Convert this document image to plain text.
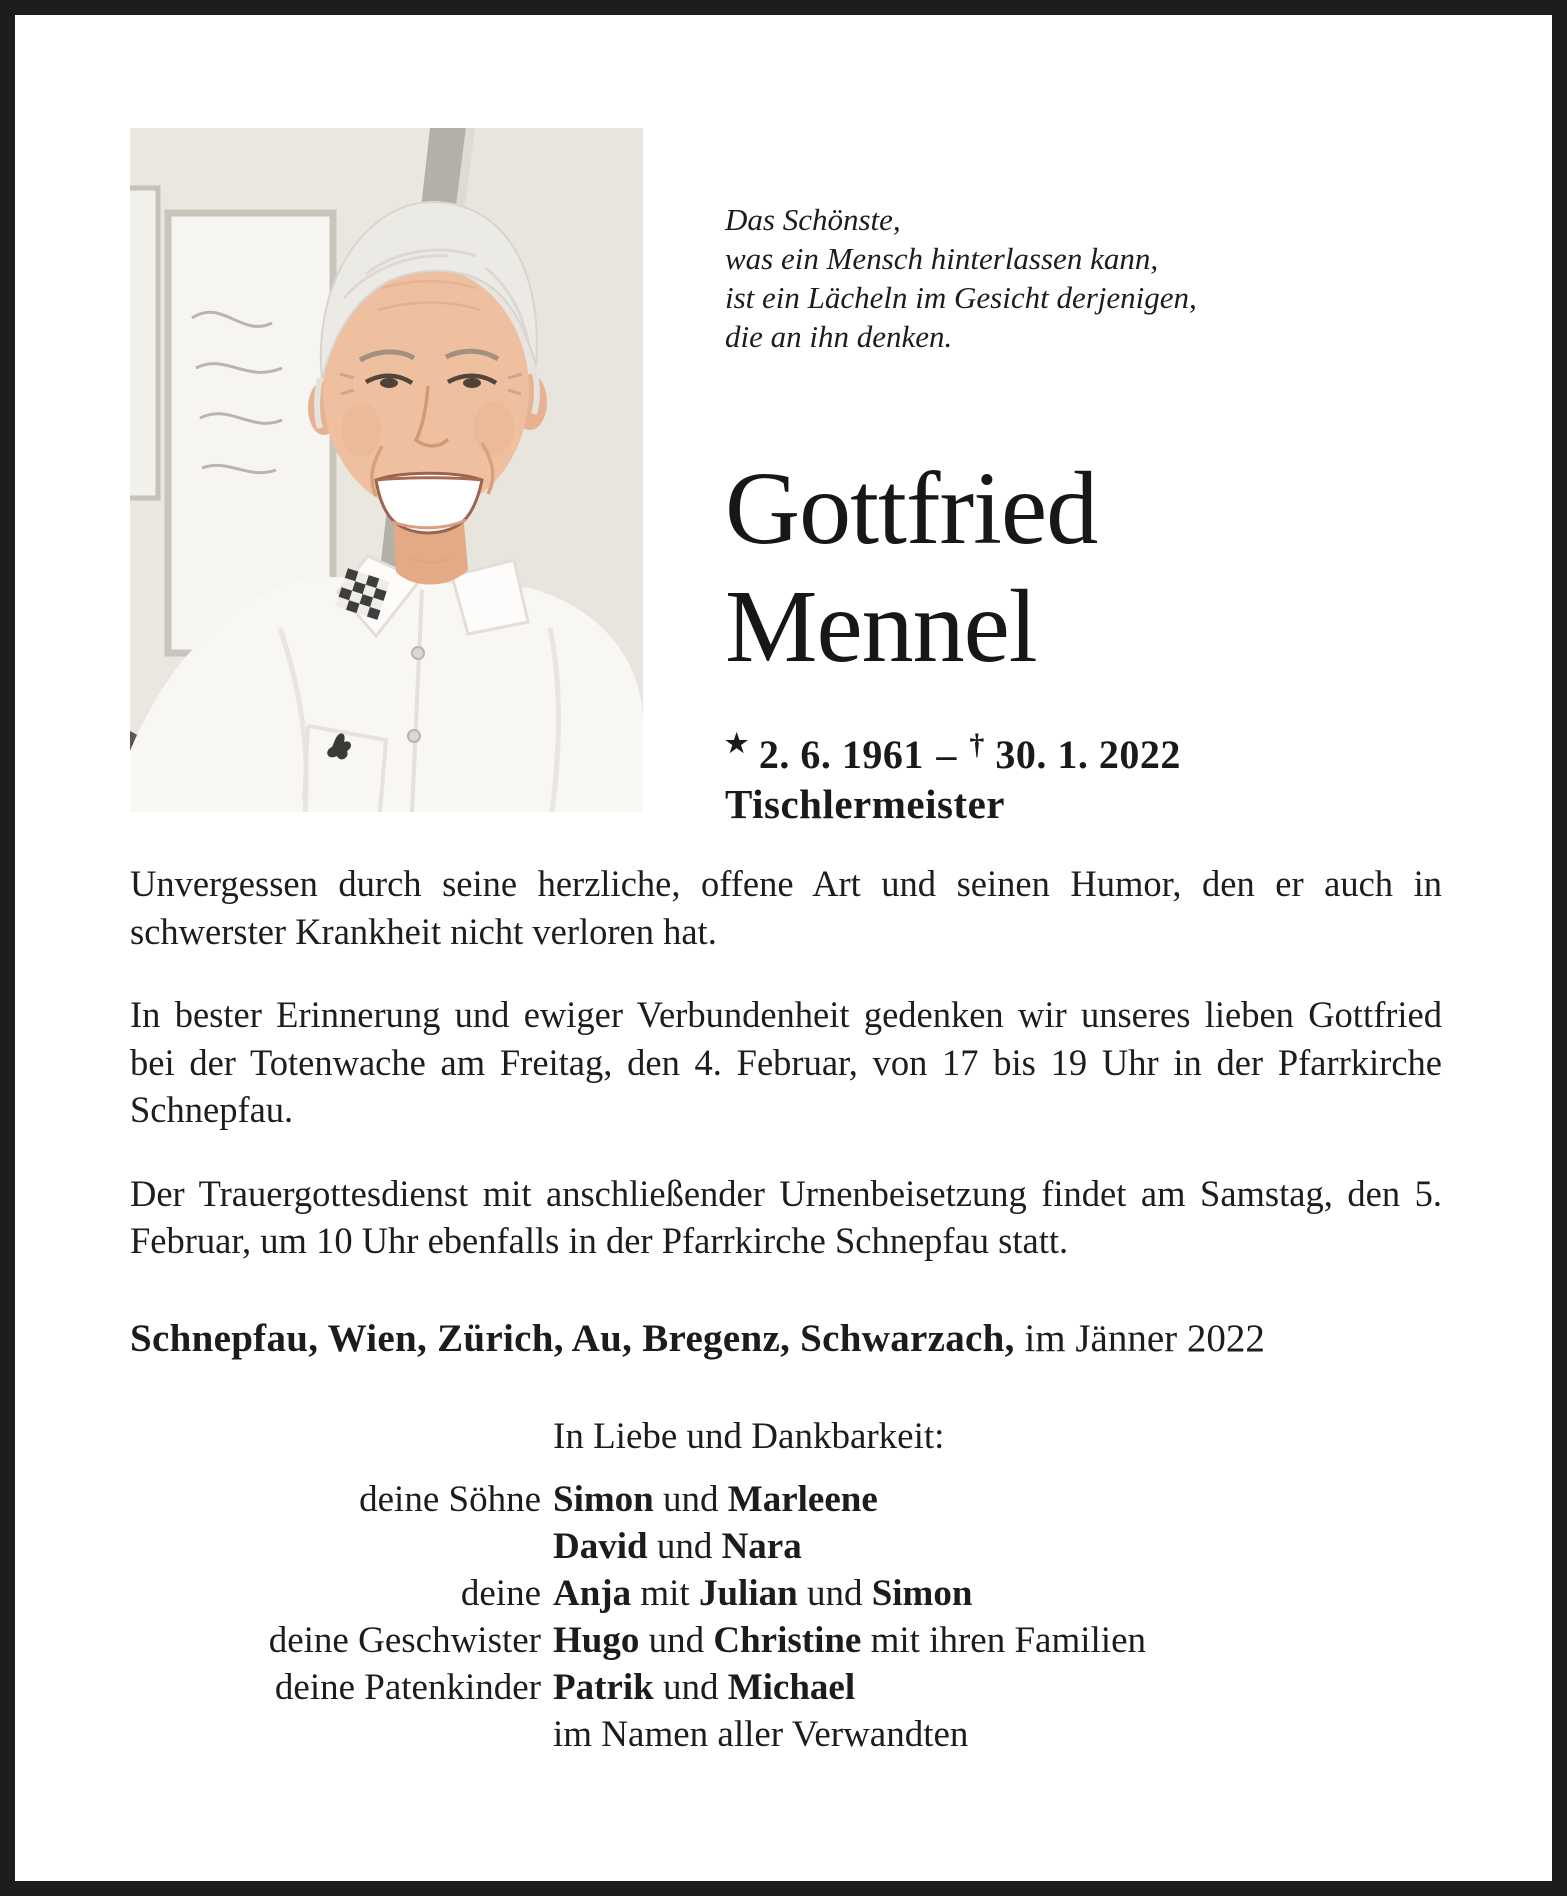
Das Schönste,
was ein Mensch hinterlassen kann,
ist ein Lächeln im Gesicht derjenigen,
die an ihn denken.
Gottfried
Mennel
★ 2. 6. 1961 – † 30. 1. 2022
Tischlermeister

Unvergessen durch seine herzliche, offene Art und seinen Humor, den er auch in schwerster Krankheit nicht verloren hat.

In bester Erinnerung und ewiger Verbundenheit gedenken wir unseres lieben Gottfried bei der Totenwache am Freitag, den 4. Februar, von 17 bis 19 Uhr in der Pfarrkirche Schnepfau.

Der Trauergottesdienst mit anschließender Urnenbeisetzung findet am Samstag, den 5. Februar, um 10 Uhr ebenfalls in der Pfarrkirche Schnepfau statt.

Schnepfau, Wien, Zürich, Au, Bregenz, Schwarzach, im Jänner 2022
In Liebe und Dankbarkeit:
deine Söhne Simon und Marleene
David und Nara
deine Anja mit Julian und Simon
deine Geschwister Hugo und Christine mit ihren Familien
deine Patenkinder Patrik und Michael
im Namen aller Verwandten
